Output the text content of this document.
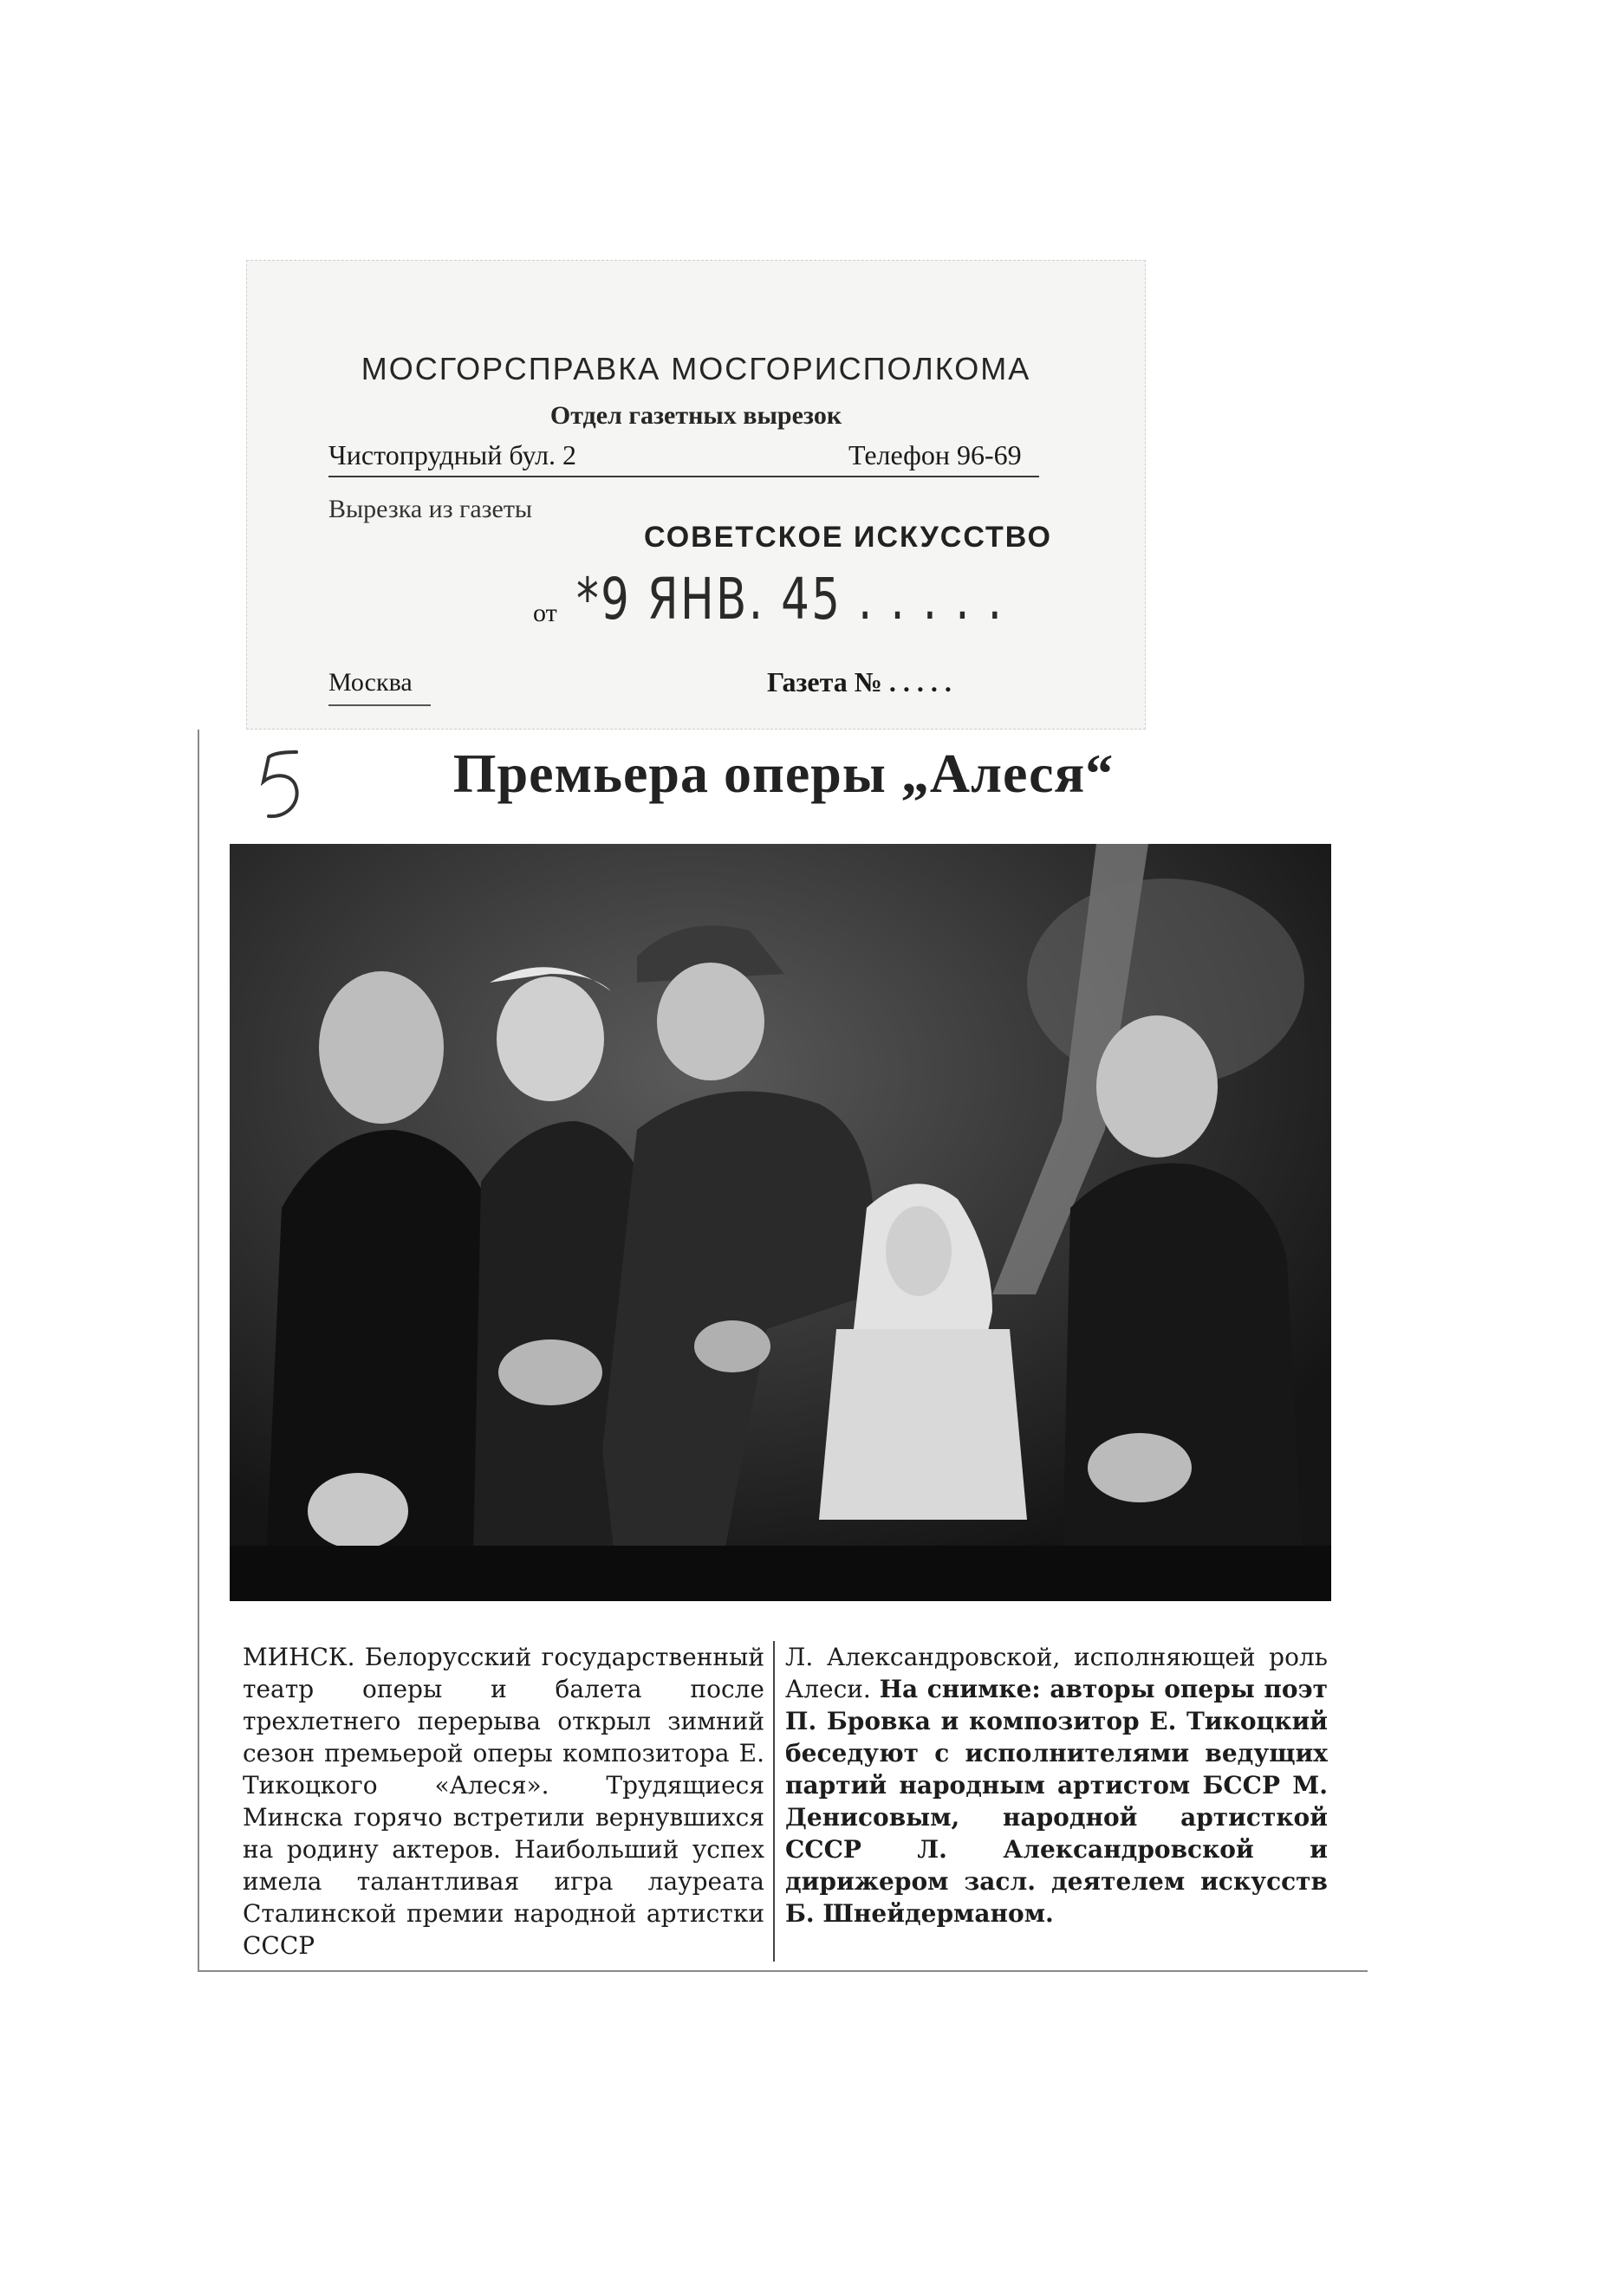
МОСГОРСПРАВКА МОСГОРИСПОЛКОМА
Отдел газетных вырезок
Чистопрудный бул. 2	Телефон 96-69
Вырезка из газеты
СОВЕТСКОЕ ИСКУССТВО
от *9 ЯНВ. 45 . . . . .
Москва	Газета № . . . . .
Премьера оперы „Алеся“
МИНСК. Белорусский государственный театр оперы и балета после трехлетнего перерыва открыл зимний сезон премьерой оперы композитора Е. Тикоцкого «Алеся». Трудящиеся Минска горячо встретили вернувшихся на родину актеров. Наибольший успех имела талантливая игра лауреата Сталинской премии народной артистки СССР
Л. Александровской, исполняющей роль Алеси. На снимке: авторы оперы поэт П. Бровка и композитор Е. Тикоцкий беседуют с исполнителями ведущих партий народным артистом БССР М. Денисовым, народной артисткой СССР Л. Александровской и дирижером засл. деятелем искусств Б. Шнейдерманом.
